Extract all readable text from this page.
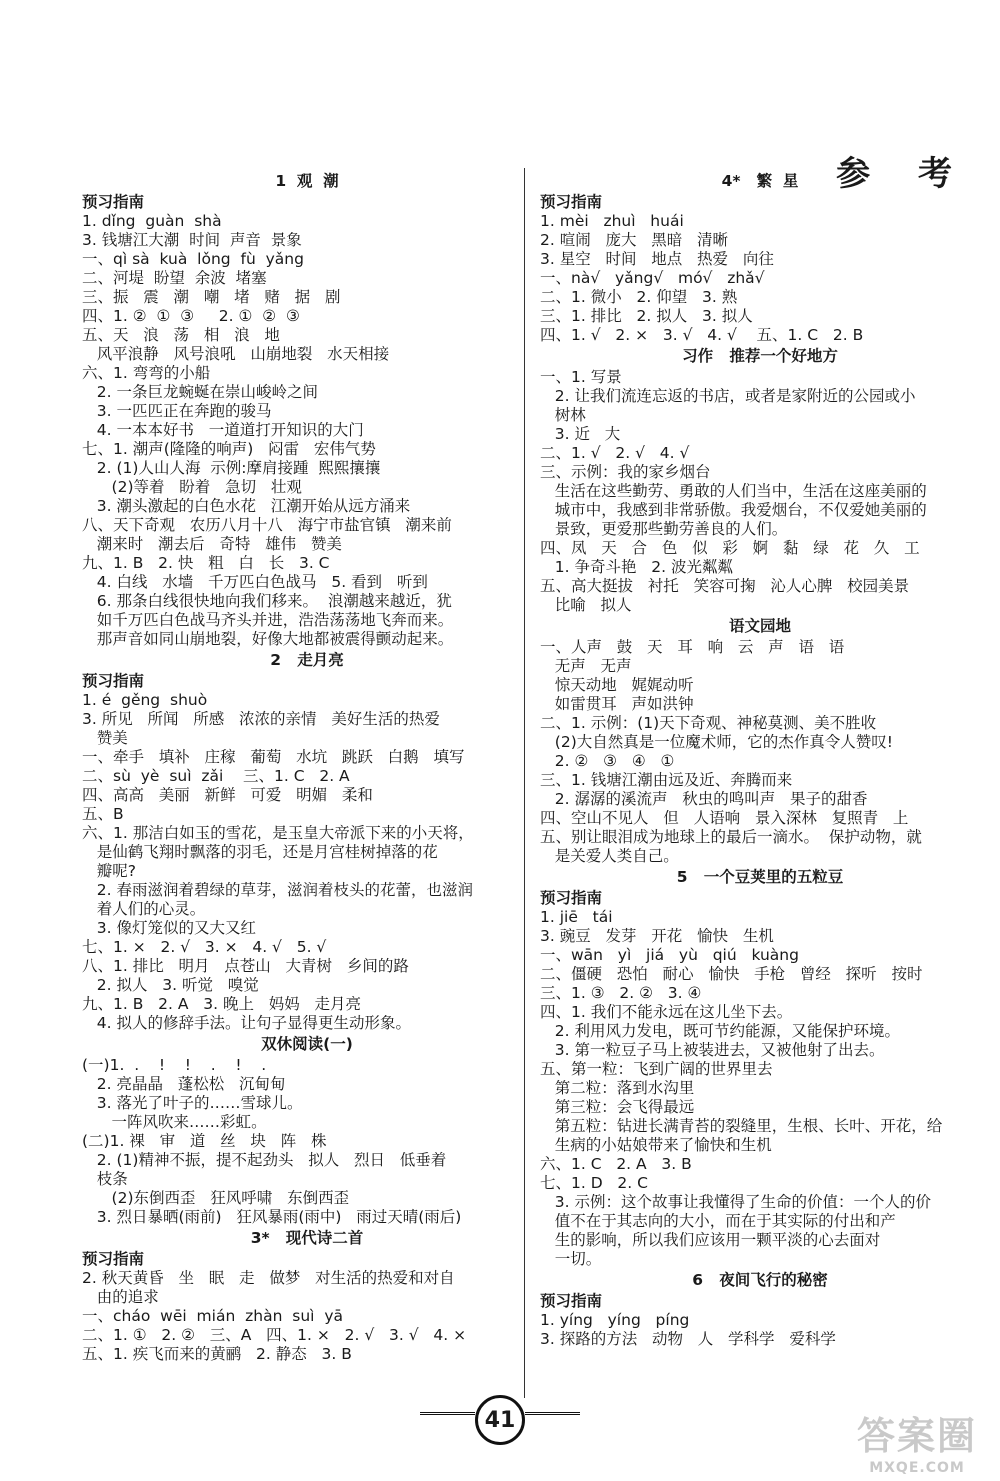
参 考
1  观  潮
预习指南
1. dǐng  guàn  shà
3. 钱塘江大潮  时间  声音  景象
一、qì sà  kuà  lǒng  fù  yǎng
二、河堤  盼望  余波  堵塞
三、振   震   潮   嘲   堵   赌   据   剧
四、1. ②  ①  ③     2. ①  ②  ③
五、天   浪   荡   相   浪   地
风平浪静   风号浪吼   山崩地裂   水天相接
六、1. 弯弯的小船
2. 一条巨龙蜿蜒在崇山峻岭之间
3. 一匹匹正在奔跑的骏马
4. 一本本好书   一道道打开知识的大门
七、1. 潮声(隆隆的响声)   闷雷   宏伟气势
2. (1)人山人海  示例:摩肩接踵  熙熙攘攘
(2)等着   盼着   急切   壮观
3. 潮头激起的白色水花   江潮开始从远方涌来
八、天下奇观   农历八月十八   海宁市盐官镇   潮来前
潮来时   潮去后   奇特   雄伟   赞美
九、1. B   2. 快   粗   白   长   3. C
4. 白线   水墙   千万匹白色战马   5. 看到   听到
6. 那条白线很快地向我们移来。  浪潮越来越近，犹
如千万匹白色战马齐头并进，浩浩荡荡地飞奔而来。
那声音如同山崩地裂，好像大地都被震得颤动起来。
2   走月亮
预习指南
1. é  gěng  shuò
3. 所见   所闻   所感   浓浓的亲情   美好生活的热爱
赞美
一、牵手   填补   庄稼   葡萄   水坑   跳跃   白鹅   填写
二、sù  yè  suì  zǎi    三、1. C   2. A
四、高高   美丽   新鲜   可爱   明媚   柔和
五、B
六、1. 那洁白如玉的雪花，是玉皇大帝派下来的小天将，
是仙鹤飞翔时飘落的羽毛，还是月宫桂树掉落的花
瓣呢?
2. 春雨滋润着碧绿的草芽，滋润着枝头的花蕾，也滋润
着人们的心灵。
3. 像灯笼似的又大又红
七、1. ×   2. √   3. ×   4. √   5. √
八、1. 排比   明月   点苍山   大青树   乡间的路
2. 拟人   3. 听觉   嗅觉
九、1. B   2. A   3. 晚上   妈妈   走月亮
4. 拟人的修辞手法。让句子显得更生动形象。
双休阅读(一)
(一)1.  .    !    !    .    !    .
2. 亮晶晶   蓬松松   沉甸甸
3. 落光了叶子的……雪球儿。
一阵风吹来……彩虹。
(二)1. 裸   审   道   丝   块   阵   株
2. (1)精神不振，提不起劲头   拟人   烈日   低垂着
枝条
(2)东倒西歪   狂风呼啸   东倒西歪
3. 烈日暴晒(雨前)   狂风暴雨(雨中)   雨过天晴(雨后)
3*   现代诗二首
预习指南
2. 秋天黄昏   坐   眠   走   做梦   对生活的热爱和对自
由的追求
一、cháo  wēi  mián  zhàn  suì  yā
二、1. ①   2. ②   三、A   四、1. ×   2. √   3. √   4. ×
五、1. 疾飞而来的黄鹂   2. 静态   3. B
4*   繁  星
预习指南
1. mèi   zhuì   huái
2. 喧闹   庞大   黑暗   清晰
3. 星空   时间   地点   热爱   向往
一、nà√   yǎng√   mó√   zhǎ√
二、1. 微小   2. 仰望   3. 熟
三、1. 排比   2. 拟人   3. 拟人
四、1. √   2. ×   3. √   4. √    五、1. C   2. B
习作   推荐一个好地方
一、1. 写景
2. 让我们流连忘返的书店，或者是家附近的公园或小
树林
3. 近   大
二、1. √   2. √   4. √
三、示例：我的家乡烟台
生活在这些勤劳、勇敢的人们当中，生活在这座美丽的
城市中，我感到非常骄傲。我爱烟台，不仅爱她美丽的
景致，更爱那些勤劳善良的人们。
四、凤   天   合   色   似   彩   婀   黏   绿   花   久   工
1. 争奇斗艳   2. 波光粼粼
五、高大挺拔   衬托   笑容可掬   沁人心脾   校园美景
比喻   拟人
语文园地
一、人声   鼓   天   耳   响   云   声   语   语
无声   无声
惊天动地   娓娓动听
如雷贯耳   声如洪钟
二、1. 示例：(1)天下奇观、神秘莫测、美不胜收
(2)大自然真是一位魔术师，它的杰作真令人赞叹!
2. ②   ③   ④   ①
三、1. 钱塘江潮由远及近、奔腾而来
2. 潺潺的溪流声   秋虫的鸣叫声   果子的甜香
四、空山不见人   但   人语响   景入深林   复照青   上
五、别让眼泪成为地球上的最后一滴水。  保护动物，就
是关爱人类自己。
5   一个豆荚里的五粒豆
预习指南
1. jiē   tái
3. 豌豆   发芽   开花   愉快   生机
一、wān   yì   jiá   yù   qiú   kuàng
二、僵硬   恐怕   耐心   愉快   手枪   曾经   探听   按时
三、1. ③   2. ②   3. ④
四、1. 我们不能永远在这儿坐下去。
2. 利用风力发电，既可节约能源，又能保护环境。
3. 第一粒豆子马上被装进去，又被他射了出去。
五、第一粒：飞到广阔的世界里去
第二粒：落到水沟里
第三粒：会飞得最远
第五粒：钻进长满青苔的裂缝里，生根、长叶、开花，给
生病的小姑娘带来了愉快和生机
六、1. C   2. A   3. B
七、1. D   2. C
3. 示例：这个故事让我懂得了生命的价值：一个人的价
值不在于其志向的大小，而在于其实际的付出和产
生的影响，所以我们应该用一颗平淡的心去面对
一切。
6   夜间飞行的秘密
预习指南
1. yíng   yíng   píng
3. 探路的方法   动物   人   学科学   爱科学
41	答案圈
MXQE.COM
